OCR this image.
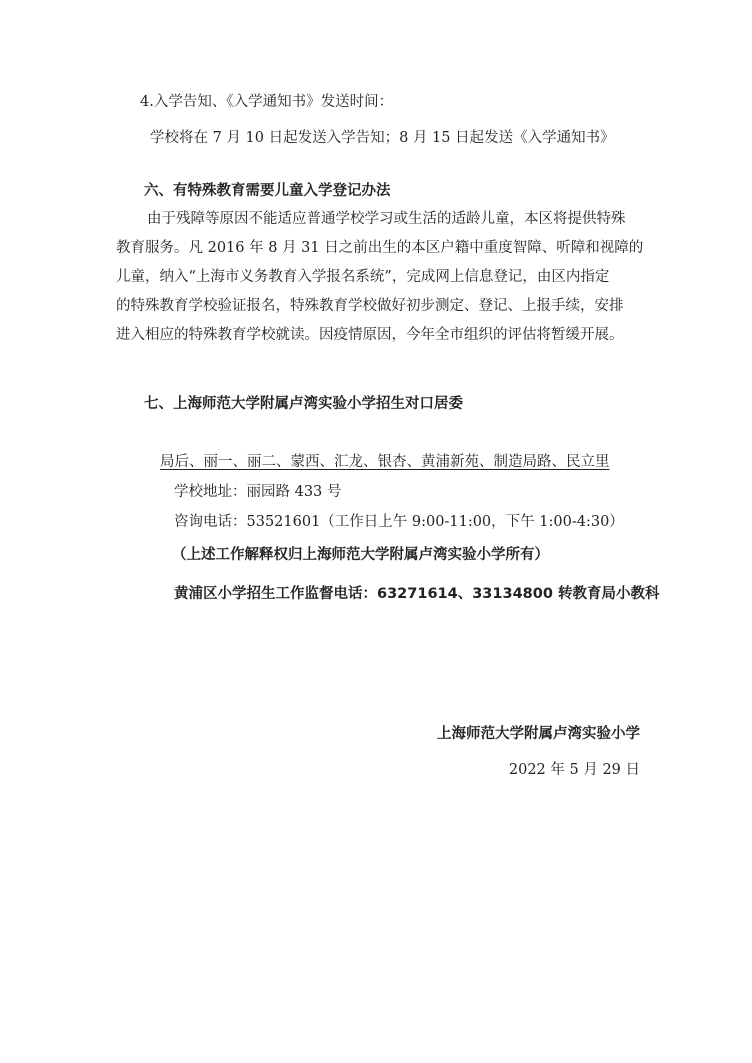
4.入学告知、《入学通知书》发送时间：
学校将在 7 月 10 日起发送入学告知；8 月 15 日起发送《入学通知书》
六、有特殊教育需要儿童入学登记办法
由于残障等原因不能适应普通学校学习或生活的适龄儿童，本区将提供特殊
教育服务。凡 2016 年 8 月 31 日之前出生的本区户籍中重度智障、听障和视障的
儿童，纳入“上海市义务教育入学报名系统”，完成网上信息登记，由区内指定
的特殊教育学校验证报名，特殊教育学校做好初步测定、登记、上报手续，安排
进入相应的特殊教育学校就读。因疫情原因，今年全市组织的评估将暂缓开展。
七、上海师范大学附属卢湾实验小学招生对口居委
局后、丽一、丽二、蒙西、汇龙、银杏、黄浦新苑、制造局路、民立里
学校地址：丽园路 433 号
咨询电话：53521601（工作日上午 9:00-11:00，下午 1:00-4:30）
（上述工作解释权归上海师范大学附属卢湾实验小学所有）
黄浦区小学招生工作监督电话：63271614、33134800 转教育局小教科
上海师范大学附属卢湾实验小学
2022 年 5 月 29 日
